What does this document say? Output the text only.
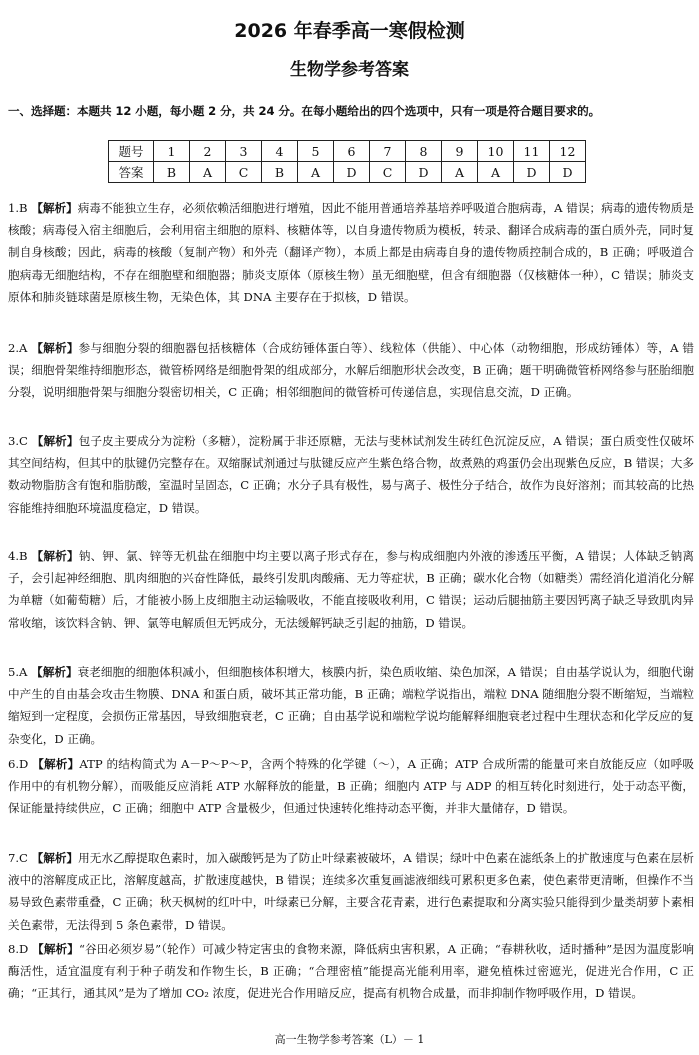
2026 年春季高一寒假检测
生物学参考答案
一、选择题：本题共 12 小题，每小题 2 分，共 24 分。在每小题给出的四个选项中，只有一项是符合题目要求的。
题号	1	2	3	4	5	6	7	8	9	10	11	12
答案	B	A	C	B	A	D	C	D	A	A	D	D
1.B 【解析】病毒不能独立生存，必须依赖活细胞进行增殖，因此不能用普通培养基培养呼吸道合胞病毒，A 错误；病毒的遗传物质是核酸；病毒侵入宿主细胞后，会利用宿主细胞的原料、核糖体等，以自身遗传物质为模板，转录、翻译合成病毒的蛋白质外壳，同时复制自身核酸；因此，病毒的核酸（复制产物）和外壳（翻译产物），本质上都是由病毒自身的遗传物质控制合成的，B 正确；呼吸道合胞病毒无细胞结构，不存在细胞壁和细胞器；肺炎支原体（原核生物）虽无细胞壁，但含有细胞器（仅核糖体一种），C 错误；肺炎支原体和肺炎链球菌是原核生物，无染色体，其 DNA 主要存在于拟核，D 错误。
2.A 【解析】参与细胞分裂的细胞器包括核糖体（合成纺锤体蛋白等）、线粒体（供能）、中心体（动物细胞，形成纺锤体）等，A 错误；细胞骨架维持细胞形态，微管桥网络是细胞骨架的组成部分，水解后细胞形状会改变，B 正确；题干明确微管桥网络参与胚胎细胞分裂，说明细胞骨架与细胞分裂密切相关，C 正确；相邻细胞间的微管桥可传递信息，实现信息交流，D 正确。
3.C 【解析】包子皮主要成分为淀粉（多糖），淀粉属于非还原糖，无法与斐林试剂发生砖红色沉淀反应，A 错误；蛋白质变性仅破坏其空间结构，但其中的肽键仍完整存在。双缩脲试剂通过与肽键反应产生紫色络合物，故煮熟的鸡蛋仍会出现紫色反应，B 错误；大多数动物脂肪含有饱和脂肪酸，室温时呈固态，C 正确；水分子具有极性，易与离子、极性分子结合，故作为良好溶剂；而其较高的比热容能维持细胞环境温度稳定，D 错误。
4.B 【解析】钠、钾、氯、锌等无机盐在细胞中均主要以离子形式存在，参与构成细胞内外液的渗透压平衡，A 错误；人体缺乏钠离子，会引起神经细胞、肌肉细胞的兴奋性降低，最终引发肌肉酸痛、无力等症状，B 正确；碳水化合物（如糖类）需经消化道消化分解为单糖（如葡萄糖）后，才能被小肠上皮细胞主动运输吸收，不能直接吸收利用，C 错误；运动后腿抽筋主要因钙离子缺乏导致肌肉异常收缩，该饮料含钠、钾、氯等电解质但无钙成分，无法缓解钙缺乏引起的抽筋，D 错误。
5.A 【解析】衰老细胞的细胞体积减小，但细胞核体积增大，核膜内折，染色质收缩、染色加深，A 错误；自由基学说认为，细胞代谢中产生的自由基会攻击生物膜、DNA 和蛋白质，破坏其正常功能，B 正确；端粒学说指出，端粒 DNA 随细胞分裂不断缩短，当端粒缩短到一定程度，会损伤正常基因，导致细胞衰老，C 正确；自由基学说和端粒学说均能解释细胞衰老过程中生理状态和化学反应的复杂变化，D 正确。
6.D 【解析】ATP 的结构简式为 A－P～P～P，含两个特殊的化学键（～），A 正确；ATP 合成所需的能量可来自放能反应（如呼吸作用中的有机物分解），而吸能反应消耗 ATP 水解释放的能量，B 正确；细胞内 ATP 与 ADP 的相互转化时刻进行，处于动态平衡，保证能量持续供应，C 正确；细胞中 ATP 含量极少，但通过快速转化维持动态平衡，并非大量储存，D 错误。
7.C 【解析】用无水乙醇提取色素时，加入碳酸钙是为了防止叶绿素被破坏，A 错误；绿叶中色素在滤纸条上的扩散速度与色素在层析液中的溶解度成正比，溶解度越高，扩散速度越快，B 错误；连续多次重复画滤液细线可累积更多色素，使色素带更清晰，但操作不当易导致色素带重叠，C 正确；秋天枫树的红叶中，叶绿素已分解，主要含花青素，进行色素提取和分离实验只能得到少量类胡萝卜素相关色素带，无法得到 5 条色素带，D 错误。
8.D 【解析】“谷田必须岁易”（轮作）可减少特定害虫的食物来源，降低病虫害积累，A 正确；“春耕秋收，适时播种”是因为温度影响酶活性，适宜温度有利于种子萌发和作物生长，B 正确；“合理密植”能提高光能利用率，避免植株过密遮光，促进光合作用，C 正确；“正其行，通其风”是为了增加 CO₂ 浓度，促进光合作用暗反应，提高有机物合成量，而非抑制作物呼吸作用，D 错误。
高一生物学参考答案（L）－ 1
